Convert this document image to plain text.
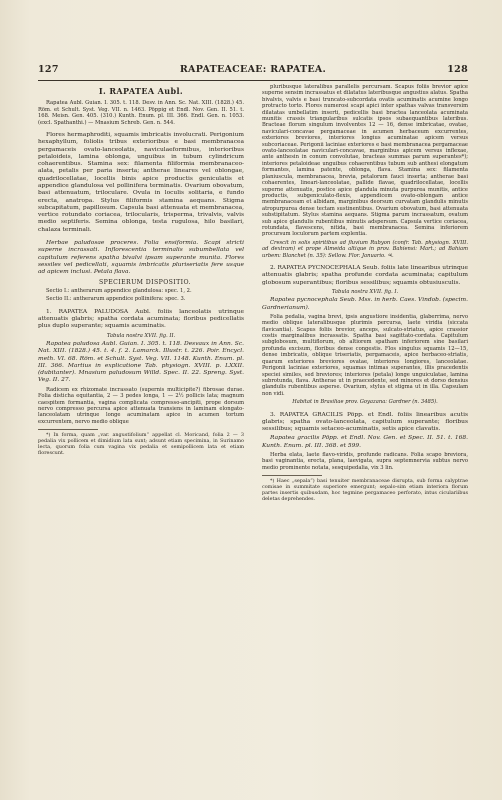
127	RAPATEACEAE: RAPATEA.	128
I. RAPATEA Aubl.

Rapatea Aubl. Guian. I. 305. t. 118. Desv. in Ann. Sc. Nat. XIII. (1828.) 45. Röm. et Schult. Syst. Veg. VII. n. 1463. Pöppig et Endl. Nov. Gen. II. 51. t. 168. Meisn. Gen. 405. (310.) Kunth. Enum. pl. III. 366. Endl. Gen. n. 1053. (excl. Spathanthi.) — Mnasium Schreb. Gen. n. 544.

Flores hermaphroditi, squamis imbricatis involucrati. Perigonium hexaphyllum, foliolis tribus exterioribus e basi membranacea pergamaceis ovato-lanceolatis, naviculaeformibus, interioribus petaloideis, lamina oblonga, unguibus in tubum cylindricum cohaerentibus. Stamina sex: filamenta filiformia membranaceo-alata, petalis per paria inserta; antherae lineares vel oblongae, quadrilocellatae, locellis binis apice productis geniculatis et appendice glandulosa vel pollinifera terminatis. Ovarium obovatum, basi attenuatum, triloculare. Ovula in loculis solitaria, e fundo erecta, anatropa. Stylus filiformis stamina aequans. Stigma subcapitatum, papillosum. Capsula basi attenuata et membranacea, vertice rotundato coriacea, trilocularis, trisperma, trivalvis, valvis medio septiferis. Semina oblonga, testa rugulosa, hilo basilari, chalaza terminali.

Herbae paludosae proceres. Folia ensiformia. Scapi stricti superne incrassati. Inflorescentia terminalis subumbellata vel capitulum referens spatha bivalvi ipsam superante munita. Flores sessiles vel pedicellati, squamis imbricatis pluriseriatis fere usque ad apicem inclusi. Petala flava.

SPECIERUM DISPOSITIO.

Sectio I.: antherarum appendice glandulosa: spec. 1, 2.

Sectio II.: antherarum appendice pollinifera: spec. 3.

1. RAPATEA PALUDOSA Aubl. foliis lanceolatis utrinque attenuatis glabris; spatha cordata acuminata; floribus pedicellatis plus duplo superante; squamis acuminatis.

Tabula nostra XVII. fig. II.

Rapatea paludosa Aubl. Guian. I. 305. t. 118. Desvaux in Ann. Sc. Nat. XIII. (1828.) 45. t. 4. f. 2. Lamarck. Illustr. t. 226. Poir. Encycl. meth. VI. 68. Röm. et Schult. Syst. Veg. VII. 1148. Kunth. Enum. pl. III. 366. Martius in explicatione Tab. physiogn. XVIII. p. LXXII. (dubitanter). Mnasium paludosum Willd. Spec. II. 22. Spreng. Syst. Veg. II. 27.

Radicem ex rhizomate incrassato (supernis multicipite?) fibrosae durae. Folia disticha equitantia, 2 — 3 pedes longa, 1 — 2½ pollicis lata; magnum caespitem formantia, vagina complicata compresso-ancipiti, prope dorsum nervo compresso percursa apice attenuata transiens in laminam elongato-lanceolatam utrinque longe acuminatam apice in acumen tortum excurrentem, nervo medio oblique

*) In forma, quam „var. angustifolium“ appellat cl. Moricand, folia 2 — 3 pedalia vix pollicem et dimidium lata sunt; adsunt etiam specimina, in Surinamo lecta, quorum folia cum vagina vix pedalia et semipollicem lata et etiam florescunt.

pluribusque lateralibus parallelis percursam. Scapus foliis brevior apice superne sensim incrassatus et dilatatus lateribusque angustius alatus. Spatha bivalvis, valvis e basi truncato-subcordata ovatis acuminatis acumine longo protracto torto. Flores numerosi scapi apici inter spathas valvas transversim dilatatas umbellatim inserti, pedicellis basi bractea lanceolata acuminata munitis crassis triangularibus sulcatis ipsos subaequantibus lateribus. Bracteae florum singulum involventes 12 — 16, dense imbricatae, ovatae, naviculari-concavae pergamaceae in acumen herbaceum excurrentes, exteriores breviores, interiores longius acuminatae apicem versus subcoriaceae. Perigonii laciniae exteriores e basi membranacea pergamaceae ovato-lanceolatae naviculari-concavae, marginibus apicem versus inflexae, ante anthesin in conum convolutae, bracteas summas parum superantes*); interiores petaloideae unguibus cohaerentibus tubum sub anthesi elongatum formantes, lamina patente, oblonga, flava. Stamina sex: filamenta planiuscula, membranacea, brevia, petalorum fauci inserta; antherae basi cohaerentes, lineari-lanceolatae, pallide flavae, quadrilocellatae, locellis superne attenuatis, postice apice glandula minuta purpurea munitis, antice productis, subgeniculato-flexis, appendicem ovato-oblongam antice membranaceam et albidam, marginibus deorsum curvatam glandulis minutis atropurpurea dense tectam sustinentibus. Ovarium obovatum, basi attenuata substipitatum. Stylus stamina aequans. Stigma parum incrassatum, ovatum sub apice glandulis rubentibus minutis adspersum. Capsula vertice coriacea, rotundata, flavescens, nitida, basi membranacea. Semina inferiorem procursum loculorum partem explentia.

Crescit in solis spiritibus ad fluvium Rubyon (confr. Tab. physiogn. XVIII. ad dextram) et prope Almeida altique in prov. Bahiensi: Mart.; ad Bahiam urbem: Blanchet (n. 35): Sellow. Flor. Januario. ♃.

2. RAPATEA PYCNOCEPHALA Seub. foliis late linearibus utrinque attenuatis glabris; spatha profunde cordata acuminata; capitulum globosum superantibus; floribus sessilibus; squamis obtusiusculis.

Tabula nostra XVII. fig. I.

Rapatea pycnocephala Seub. Mss. in herb. Caes. Vindob. (specim. Gardnerianum).

Folia pedalia, vagina brevi, ipsis angustiore insidentia, glaberrima, nervo medio oblique lateralibusque plurimis percursa, laete viridia (siccata flavicantia). Scapus foliis brevior, anceps, sulcato-striatus, apice crassior costis marginalibus incrassatis. Spatha basi sagittato-cordata. Capitulum subglobosum, multiflorum, ob altiorem spatham inferiorem sine basilari profunda excisum, floribus dense congestis. Flos singulus squamis 12—15, dense imbricatis, oblique triseriatis, pergamaceis, apice herbaceo-striatis, quarum exteriores breviores ovatae, interiores longiores, lanceolatae. Perigonii laciniae exteriores, squamas intimas superantes, illis pracedentis speciei similes, sed breviores; interiores (petala) longe unguiculatae, lamina subrotunda, flava. Antherae ut in praecedente, sed minores et dorso densius glandulis rubentibus asperse. Ovarium, stylus et stigma ut in illa. Capsulam non vidi.

Habitat in Brasiliae prov. Goyazana: Gardner (n. 3485).

3. RAPATEA GRACILIS Pöpp. et Endl. foliis linearibus acutis glabris; spatha ovato-lanceolata, capitulum superante; floribus sessilibus; squamis setaceo-acuminatis, setis apice clavatis.

Rapatea gracilis Pöpp. et Endl. Nov. Gen. et Spec. II. 51. t. 168. Kunth. Enum. pl. III. 368. et 599.

Herba elata, laete flavo-viridis, profunde radicans. Folia scapo breviora, basi vaginantia, erecta, plana, laevigata, supra septemnervia subtus nervo medio prominente notata, sesquipedalia, vix 3 lin.

*) Haec „sepala“) basi tenuiter membranaceae disrupta, sub forma calyptrae comisae in summitate superiore emergunt; sepalo-sim etiam interiora florum partes insertis quibusdam, hoc tegmine pergamaceo perforato, intus ciculariibus deletas deprehendes.
